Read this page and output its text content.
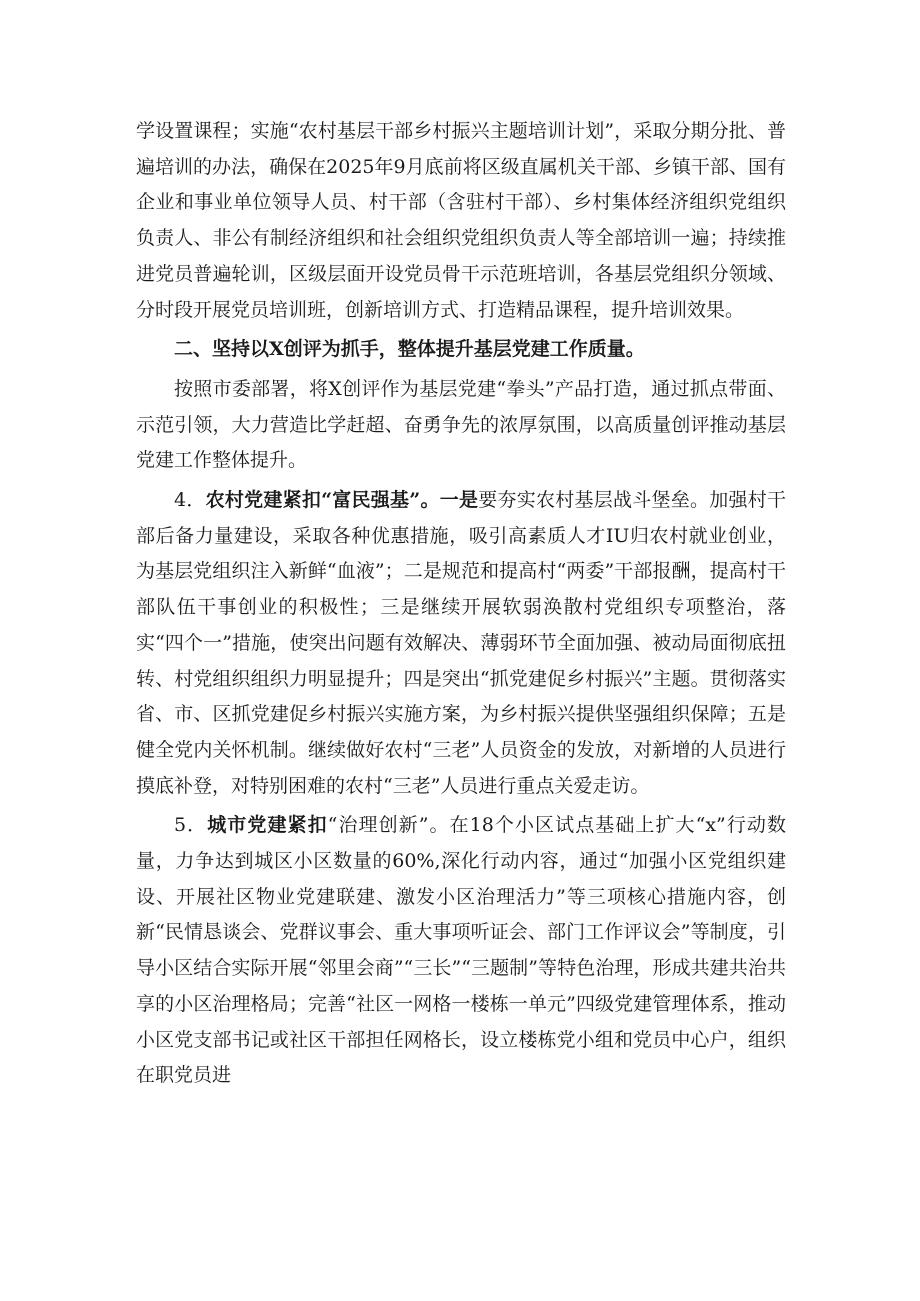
学设置课程；实施“农村基层干部乡村振兴主题培训计划”，采取分期分批、普遍培训的办法，确保在2025年9月底前将区级直属机关干部、乡镇干部、国有企业和事业单位领导人员、村干部（含驻村干部）、乡村集体经济组织党组织负责人、非公有制经济组织和社会组织党组织负责人等全部培训一遍；持续推进党员普遍轮训，区级层面开设党员骨干示范班培训，各基层党组织分领域、分时段开展党员培训班，创新培训方式、打造精品课程，提升培训效果。

二、坚持以X创评为抓手，整体提升基层党建工作质量。

按照市委部署，将X创评作为基层党建“拳头”产品打造，通过抓点带面、示范引领，大力营造比学赶超、奋勇争先的浓厚氛围，以高质量创评推动基层党建工作整体提升。

4．农村党建紧扣“富民强基”。一是要夯实农村基层战斗堡垒。加强村干部后备力量建设，采取各种优惠措施，吸引高素质人才IU归农村就业创业，为基层党组织注入新鲜“血液”；二是规范和提高村“两委”干部报酬，提高村干部队伍干事创业的积极性；三是继续开展软弱涣散村党组织专项整治，落实“四个一”措施，使突出问题有效解决、薄弱环节全面加强、被动局面彻底扭转、村党组织组织力明显提升；四是突出“抓党建促乡村振兴”主题。贯彻落实省、市、区抓党建促乡村振兴实施方案，为乡村振兴提供坚强组织保障；五是健全党内关怀机制。继续做好农村“三老”人员资金的发放，对新增的人员进行摸底补登，对特别困难的农村“三老”人员进行重点关爱走访。

5．城市党建紧扣“治理创新”。在18个小区试点基础上扩大“x”行动数量，力争达到城区小区数量的60%,深化行动内容，通过“加强小区党组织建设、开展社区物业党建联建、激发小区治理活力”等三项核心措施内容，创新“民情恳谈会、党群议事会、重大事项听证会、部门工作评议会”等制度，引导小区结合实际开展“邻里会商”“三长”“三题制”等特色治理，形成共建共治共享的小区治理格局；完善“社区一网格一楼栋一单元”四级党建管理体系，推动小区党支部书记或社区干部担任网格长，设立楼栋党小组和党员中心户，组织在职党员进
